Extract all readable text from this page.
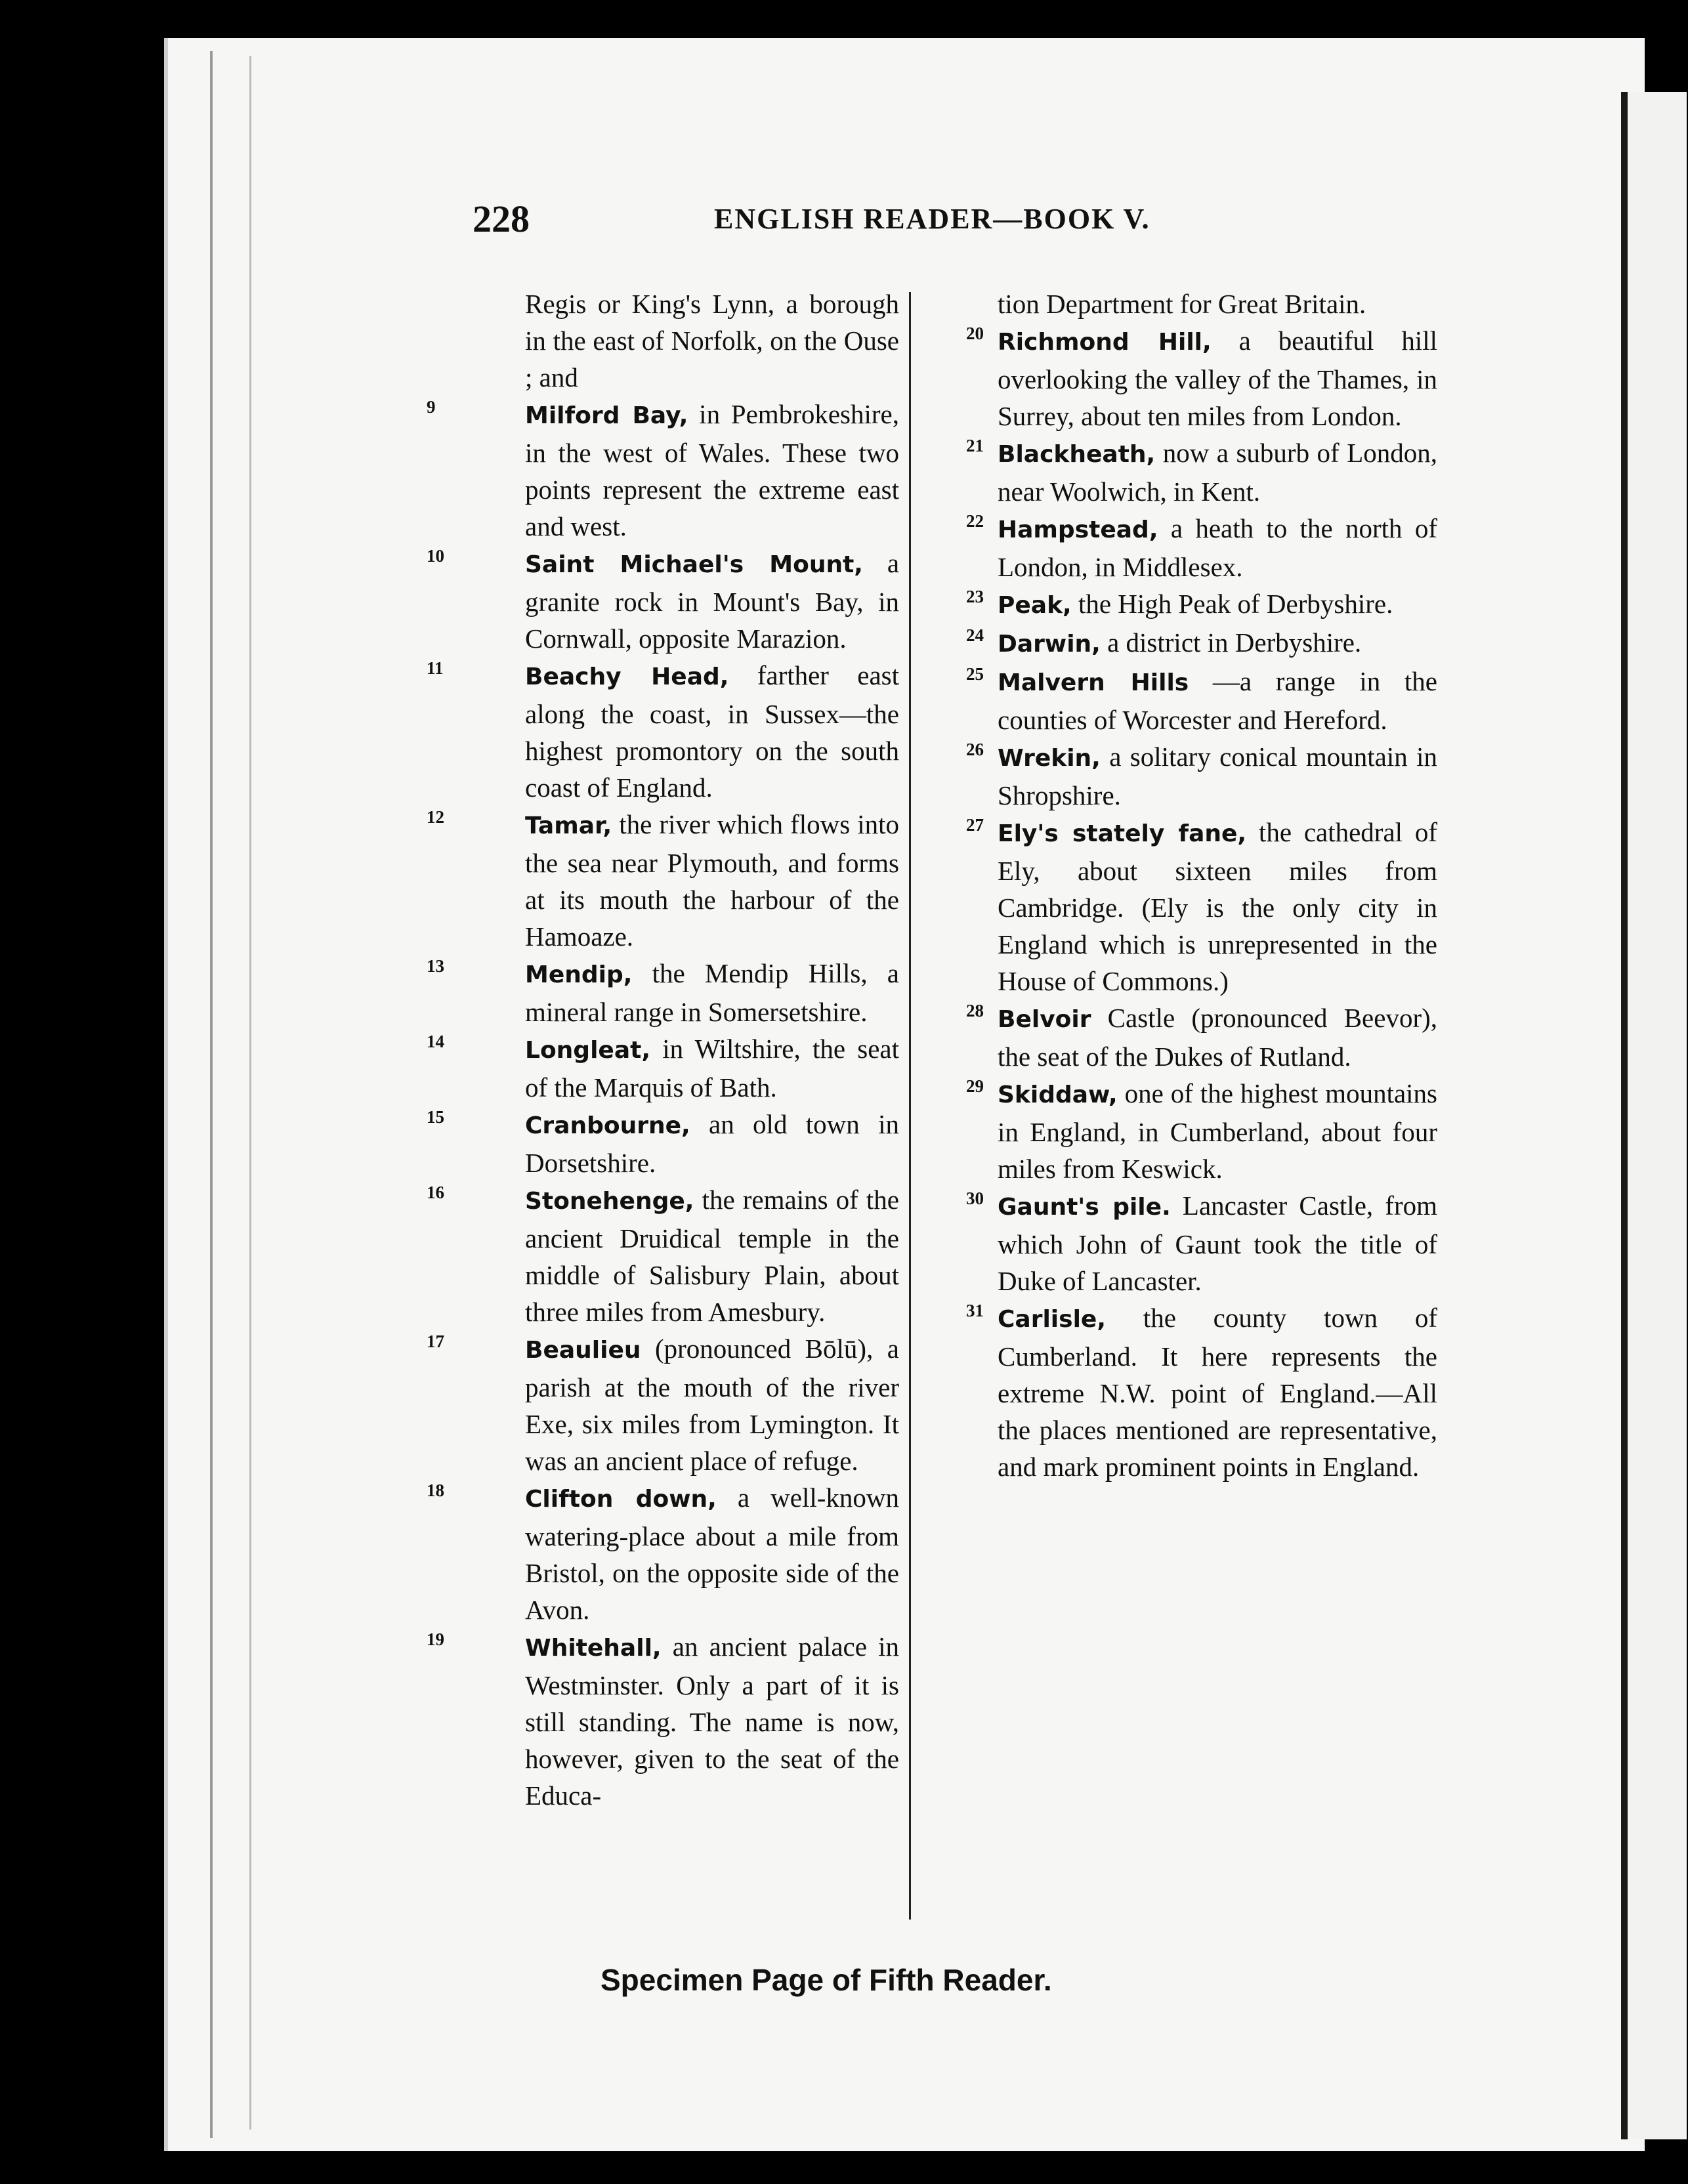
228	ENGLISH READER—BOOK V.
Regis or King's Lynn, a borough in the east of Norfolk, on the Ouse ; and
9	Milford Bay, in Pembrokeshire, in the west of Wales. These two points represent the extreme east and west.
10	Saint Michael's Mount, a granite rock in Mount's Bay, in Cornwall, opposite Marazion.
11	Beachy Head, farther east along the coast, in Sussex—the highest promontory on the south coast of England.
12	Tamar, the river which flows into the sea near Plymouth, and forms at its mouth the harbour of the Hamoaze.
13	Mendip, the Mendip Hills, a mineral range in Somersetshire.
14	Longleat, in Wiltshire, the seat of the Marquis of Bath.
15	Cranbourne, an old town in Dorsetshire.
16	Stonehenge, the remains of the ancient Druidical temple in the middle of Salisbury Plain, about three miles from Amesbury.
17	Beaulieu (pronounced Bōlū), a parish at the mouth of the river Exe, six miles from Lymington. It was an ancient place of refuge.
18	Clifton down, a well-known watering-place about a mile from Bristol, on the opposite side of the Avon.
19	Whitehall, an ancient palace in Westminster. Only a part of it is still standing. The name is now, however, given to the seat of the Educa-
tion Department for Great Britain.
20 Richmond Hill, a beautiful hill overlooking the valley of the Thames, in Surrey, about ten miles from London.
21 Blackheath, now a suburb of London, near Woolwich, in Kent.
22 Hampstead, a heath to the north of London, in Middlesex.
23 Peak, the High Peak of Derbyshire.
24 Darwin, a district in Derbyshire.
25 Malvern Hills —a range in the counties of Worcester and Hereford.
26 Wrekin, a solitary conical mountain in Shropshire.
27 Ely's stately fane, the cathedral of Ely, about sixteen miles from Cambridge. (Ely is the only city in England which is unrepresented in the House of Commons.)
28 Belvoir Castle (pronounced Beevor), the seat of the Dukes of Rutland.
29 Skiddaw, one of the highest mountains in England, in Cumberland, about four miles from Keswick.
30 Gaunt's pile. Lancaster Castle, from which John of Gaunt took the title of Duke of Lancaster.
31 Carlisle, the county town of Cumberland. It here represents the extreme N.W. point of England.—All the places mentioned are representative, and mark prominent points in England.
Specimen Page of Fifth Reader.
